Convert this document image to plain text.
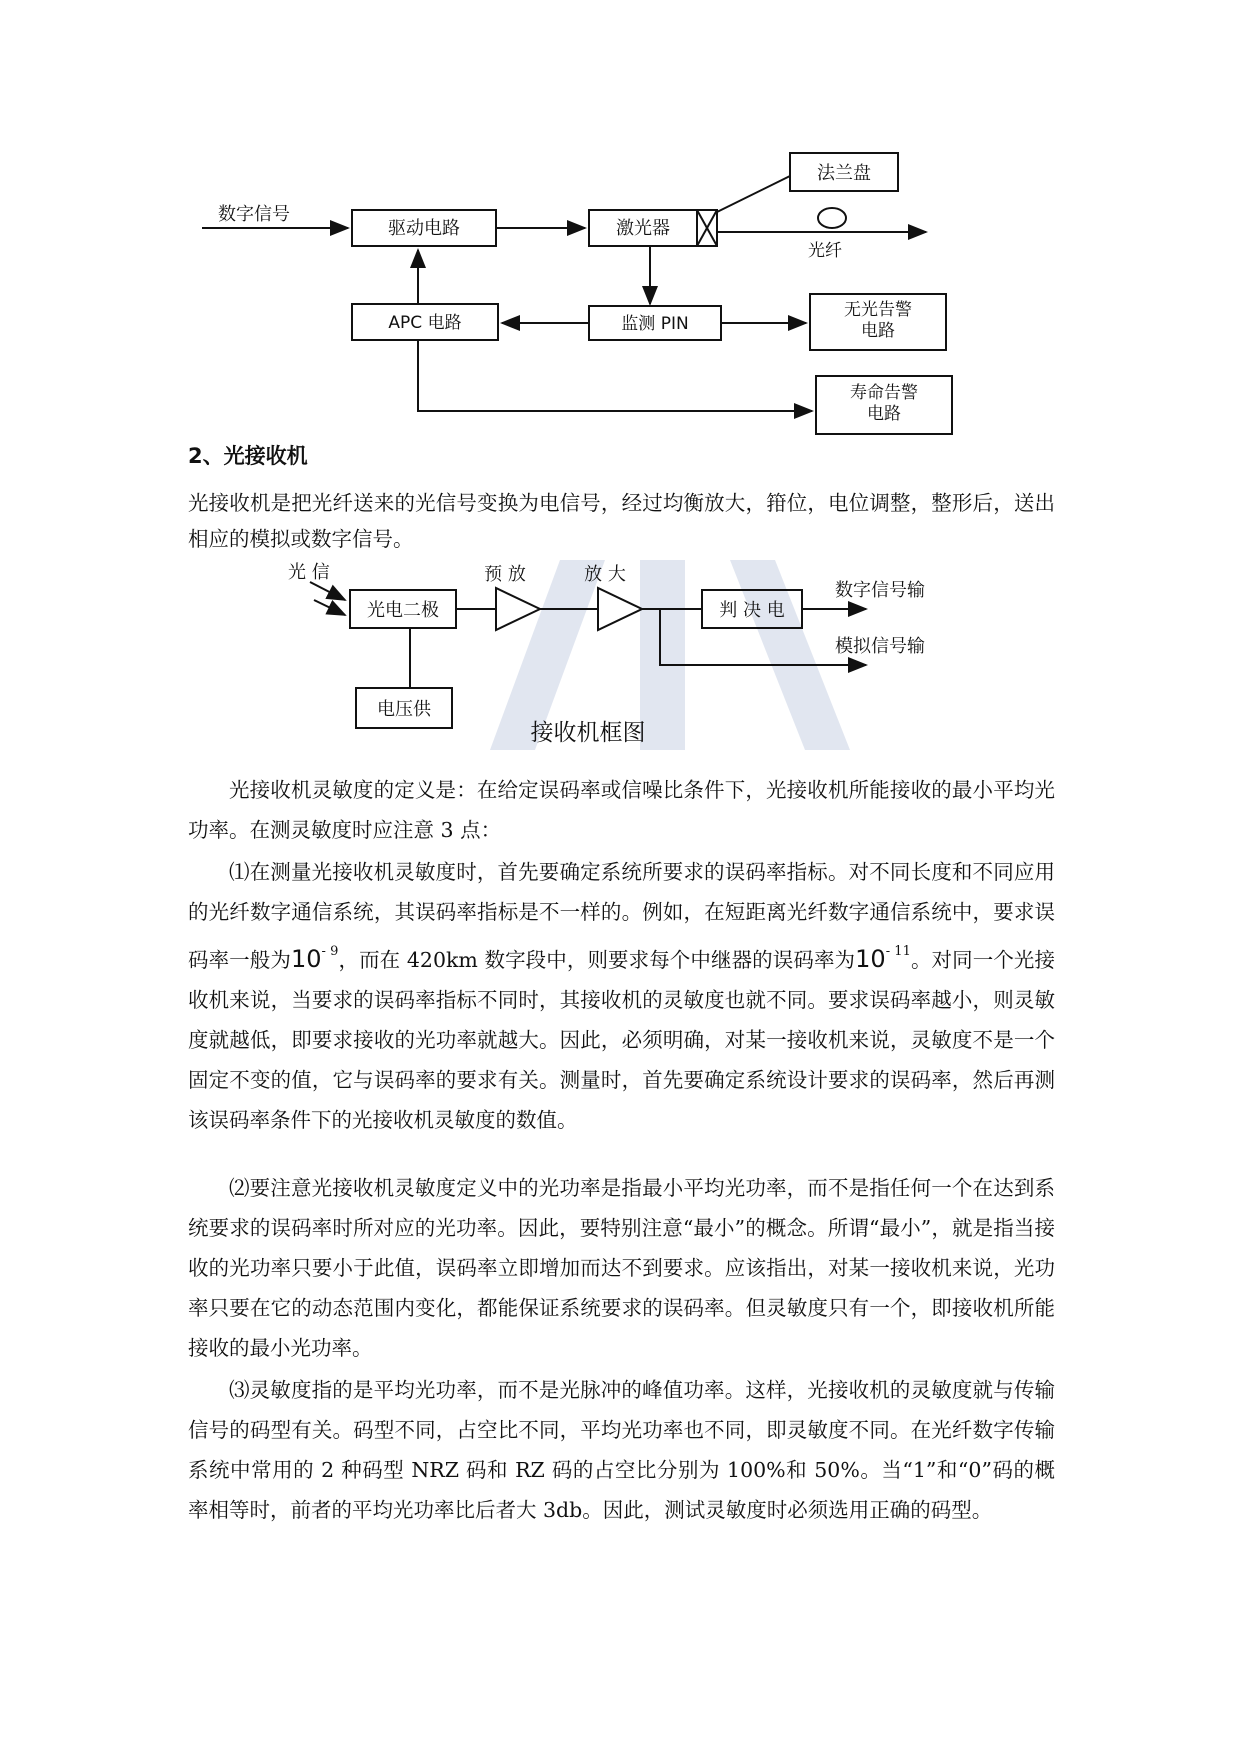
数字信号
驱动电路	激光器
法兰盘
光纤
APC 电路	监测 PIN
无光告警
电路
寿命告警
电路
2、光接收机

光接收机是把光纤送来的光信号变换为电信号，经过均衡放大，箝位，电位调整，整形后，送出相应的模拟或数字信号。

光 信
光电二极
预 放	放 大
判 决 电
数字信号输
模拟信号输
电压供
接收机框图

光接收机灵敏度的定义是：在给定误码率或信噪比条件下，光接收机所能接收的最小平均光功率。在测灵敏度时应注意 3 点：

⑴在测量光接收机灵敏度时，首先要确定系统所要求的误码率指标。对不同长度和不同应用的光纤数字通信系统，其误码率指标是不一样的。例如，在短距离光纤数字通信系统中，要求误码率一般为$10^{- 9}$，而在 420km 数字段中，则要求每个中继器的误码率为$10^{- 11}$。对同一个光接收机来说，当要求的误码率指标不同时，其接收机的灵敏度也就不同。要求误码率越小，则灵敏度就越低，即要求接收的光功率就越大。因此，必须明确，对某一接收机来说，灵敏度不是一个固定不变的值，它与误码率的要求有关。测量时，首先要确定系统设计要求的误码率，然后再测该误码率条件下的光接收机灵敏度的数值。

⑵要注意光接收机灵敏度定义中的光功率是指最小平均光功率，而不是指任何一个在达到系统要求的误码率时所对应的光功率。因此，要特别注意“最小”的概念。所谓“最小”，就是指当接收的光功率只要小于此值，误码率立即增加而达不到要求。应该指出，对某一接收机来说，光功率只要在它的动态范围内变化，都能保证系统要求的误码率。但灵敏度只有一个，即接收机所能接收的最小光功率。

⑶灵敏度指的是平均光功率，而不是光脉冲的峰值功率。这样，光接收机的灵敏度就与传输信号的码型有关。码型不同，占空比不同，平均光功率也不同，即灵敏度不同。在光纤数字传输系统中常用的 2 种码型 NRZ 码和 RZ 码的占空比分别为 100%和 50%。当“1”和“0”码的概率相等时，前者的平均光功率比后者大 3db。因此，测试灵敏度时必须选用正确的码型。
